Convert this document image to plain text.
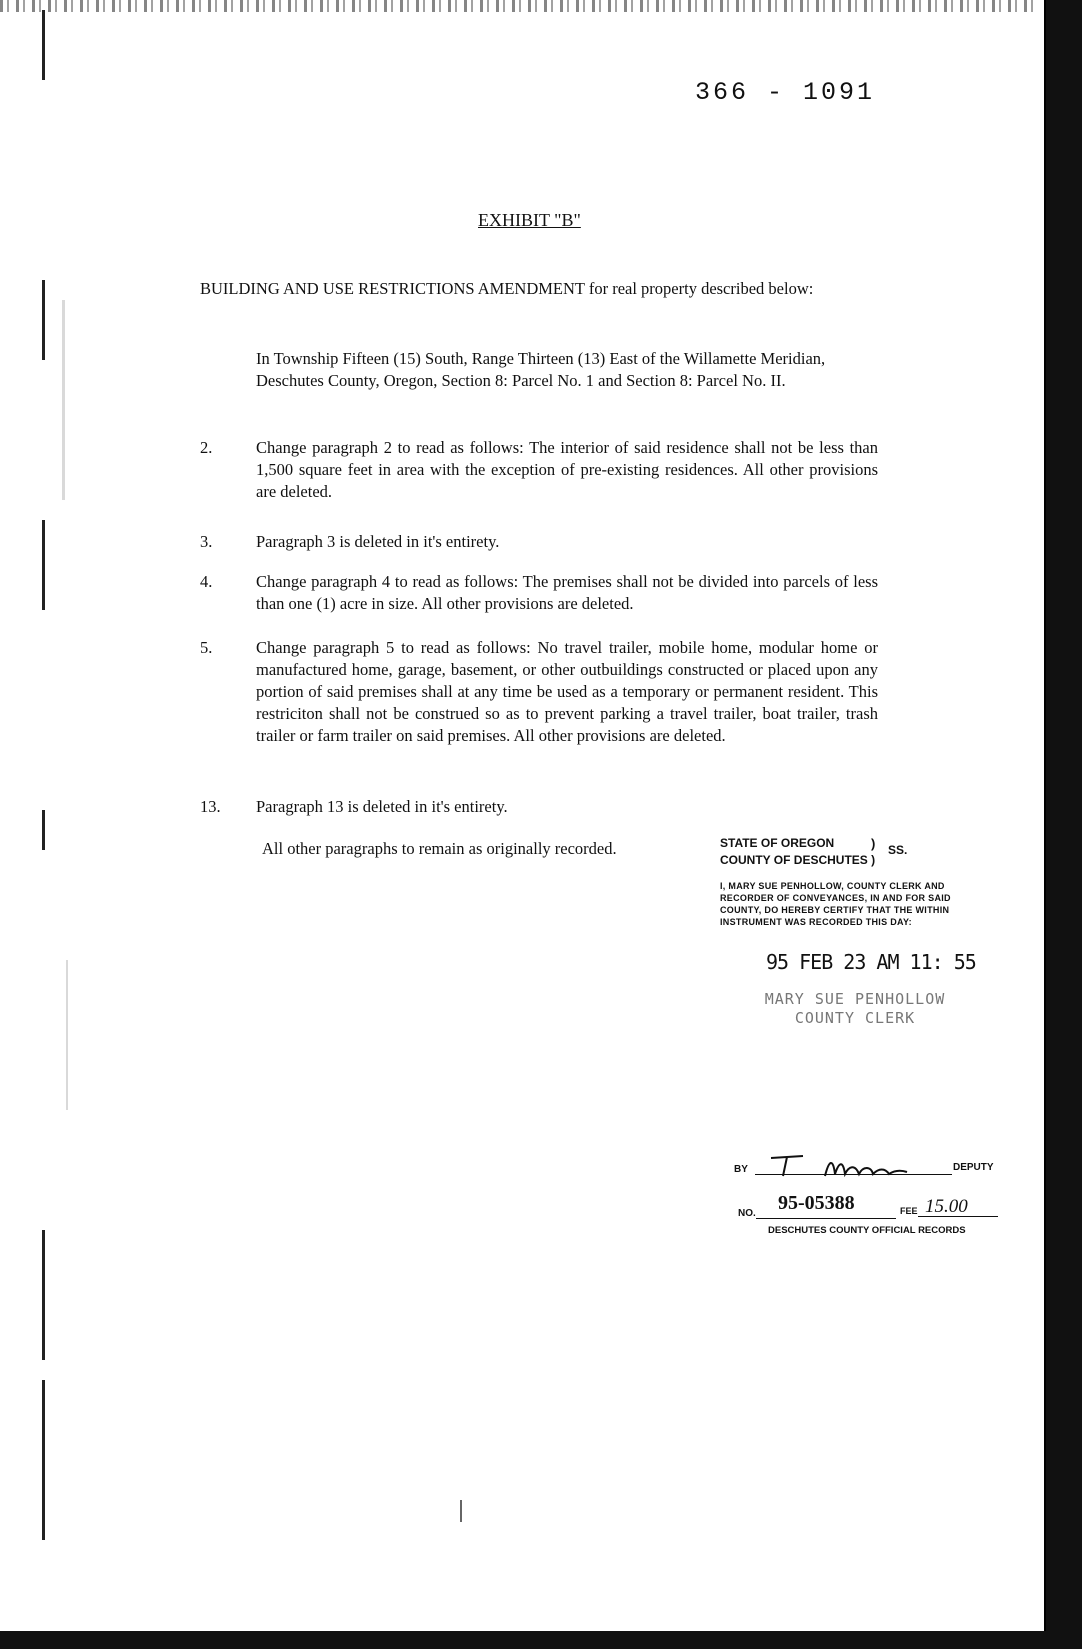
366 - 1091
EXHIBIT "B"
BUILDING AND USE RESTRICTIONS AMENDMENT for real property described below:
In Township Fifteen (15) South, Range Thirteen (13) East of the Willamette Meridian, Deschutes County, Oregon, Section 8: Parcel No. 1 and Section 8: Parcel No. II.
2.	Change paragraph 2 to read as follows: The interior of said residence shall not be less than 1,500 square feet in area with the exception of pre-existing residences. All other provisions are deleted.
3.	Paragraph 3 is deleted in it's entirety.
4.	Change paragraph 4 to read as follows: The premises shall not be divided into parcels of less than one (1) acre in size. All other provisions are deleted.
5.	Change paragraph 5 to read as follows: No travel trailer, mobile home, modular home or manufactured home, garage, basement, or other outbuildings constructed or placed upon any portion of said premises shall at any time be used as a temporary or permanent resident. This restriciton shall not be construed so as to prevent parking a travel trailer, boat trailer, trash trailer or farm trailer on said premises. All other provisions are deleted.
13.	Paragraph 13 is deleted in it's entirety.
All other paragraphs to remain as originally recorded.	STATE OF OREGON	) SS.
COUNTY OF DESCHUTES )
I, MARY SUE PENHOLLOW, COUNTY CLERK AND RECORDER OF CONVEYANCES, IN AND FOR SAID COUNTY, DO HEREBY CERTIFY THAT THE WITHIN INSTRUMENT WAS RECORDED THIS DAY:
95 FEB 23 AM 11: 55
MARY SUE PENHOLLOW
COUNTY CLERK
BY	DEPUTY
NO. 95-05388	FEE 15.00
DESCHUTES COUNTY OFFICIAL RECORDS
